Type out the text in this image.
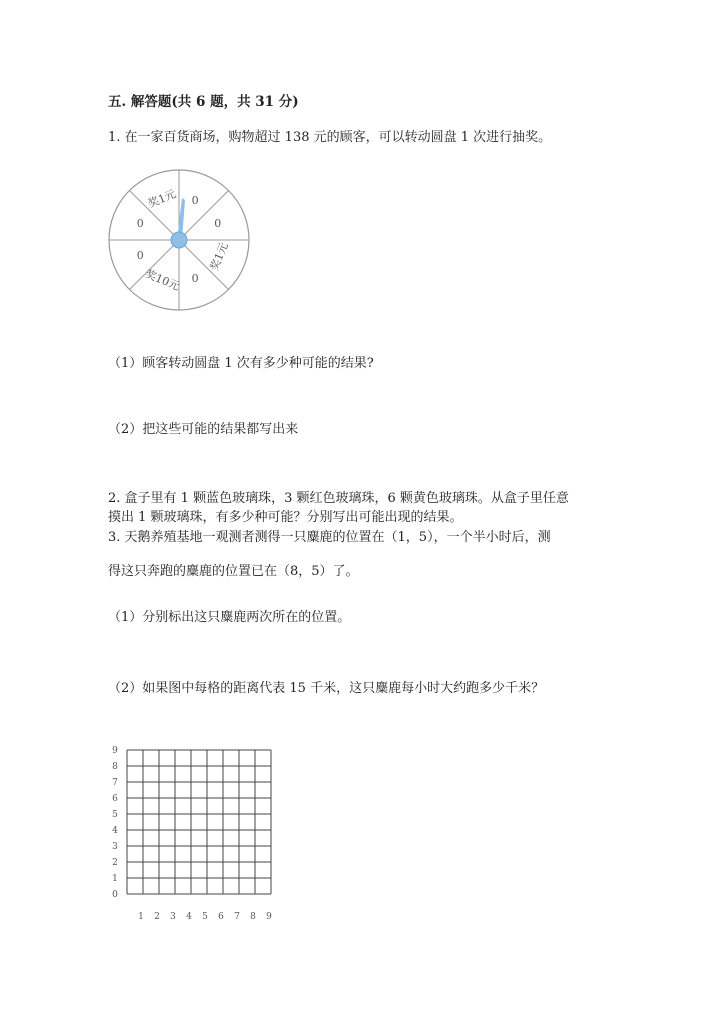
五. 解答题(共 6 题，共 31 分)
1. 在一家百货商场，购物超过 138 元的顾客，可以转动圆盘 1 次进行抽奖。
0
0
奖1元
0
奖10元
0
0
奖1元
（1）顾客转动圆盘 1 次有多少种可能的结果?
（2）把这些可能的结果都写出来
2. 盒子里有 1 颗蓝色玻璃珠，3 颗红色玻璃珠，6 颗黄色玻璃珠。从盒子里任意
摸出 1 颗玻璃珠，有多少种可能？分别写出可能出现的结果。
3. 天鹅养殖基地一观测者测得一只麋鹿的位置在（1，5），一个半小时后，测
得这只奔跑的麋鹿的位置已在（8，5）了。
（1）分别标出这只麋鹿两次所在的位置。
（2）如果图中每格的距离代表 15 千米，这只麋鹿每小时大约跑多少千米？
0
1
2
3
4
5
6
7
8
9
1 2 3 4 5 6 7 8 9
